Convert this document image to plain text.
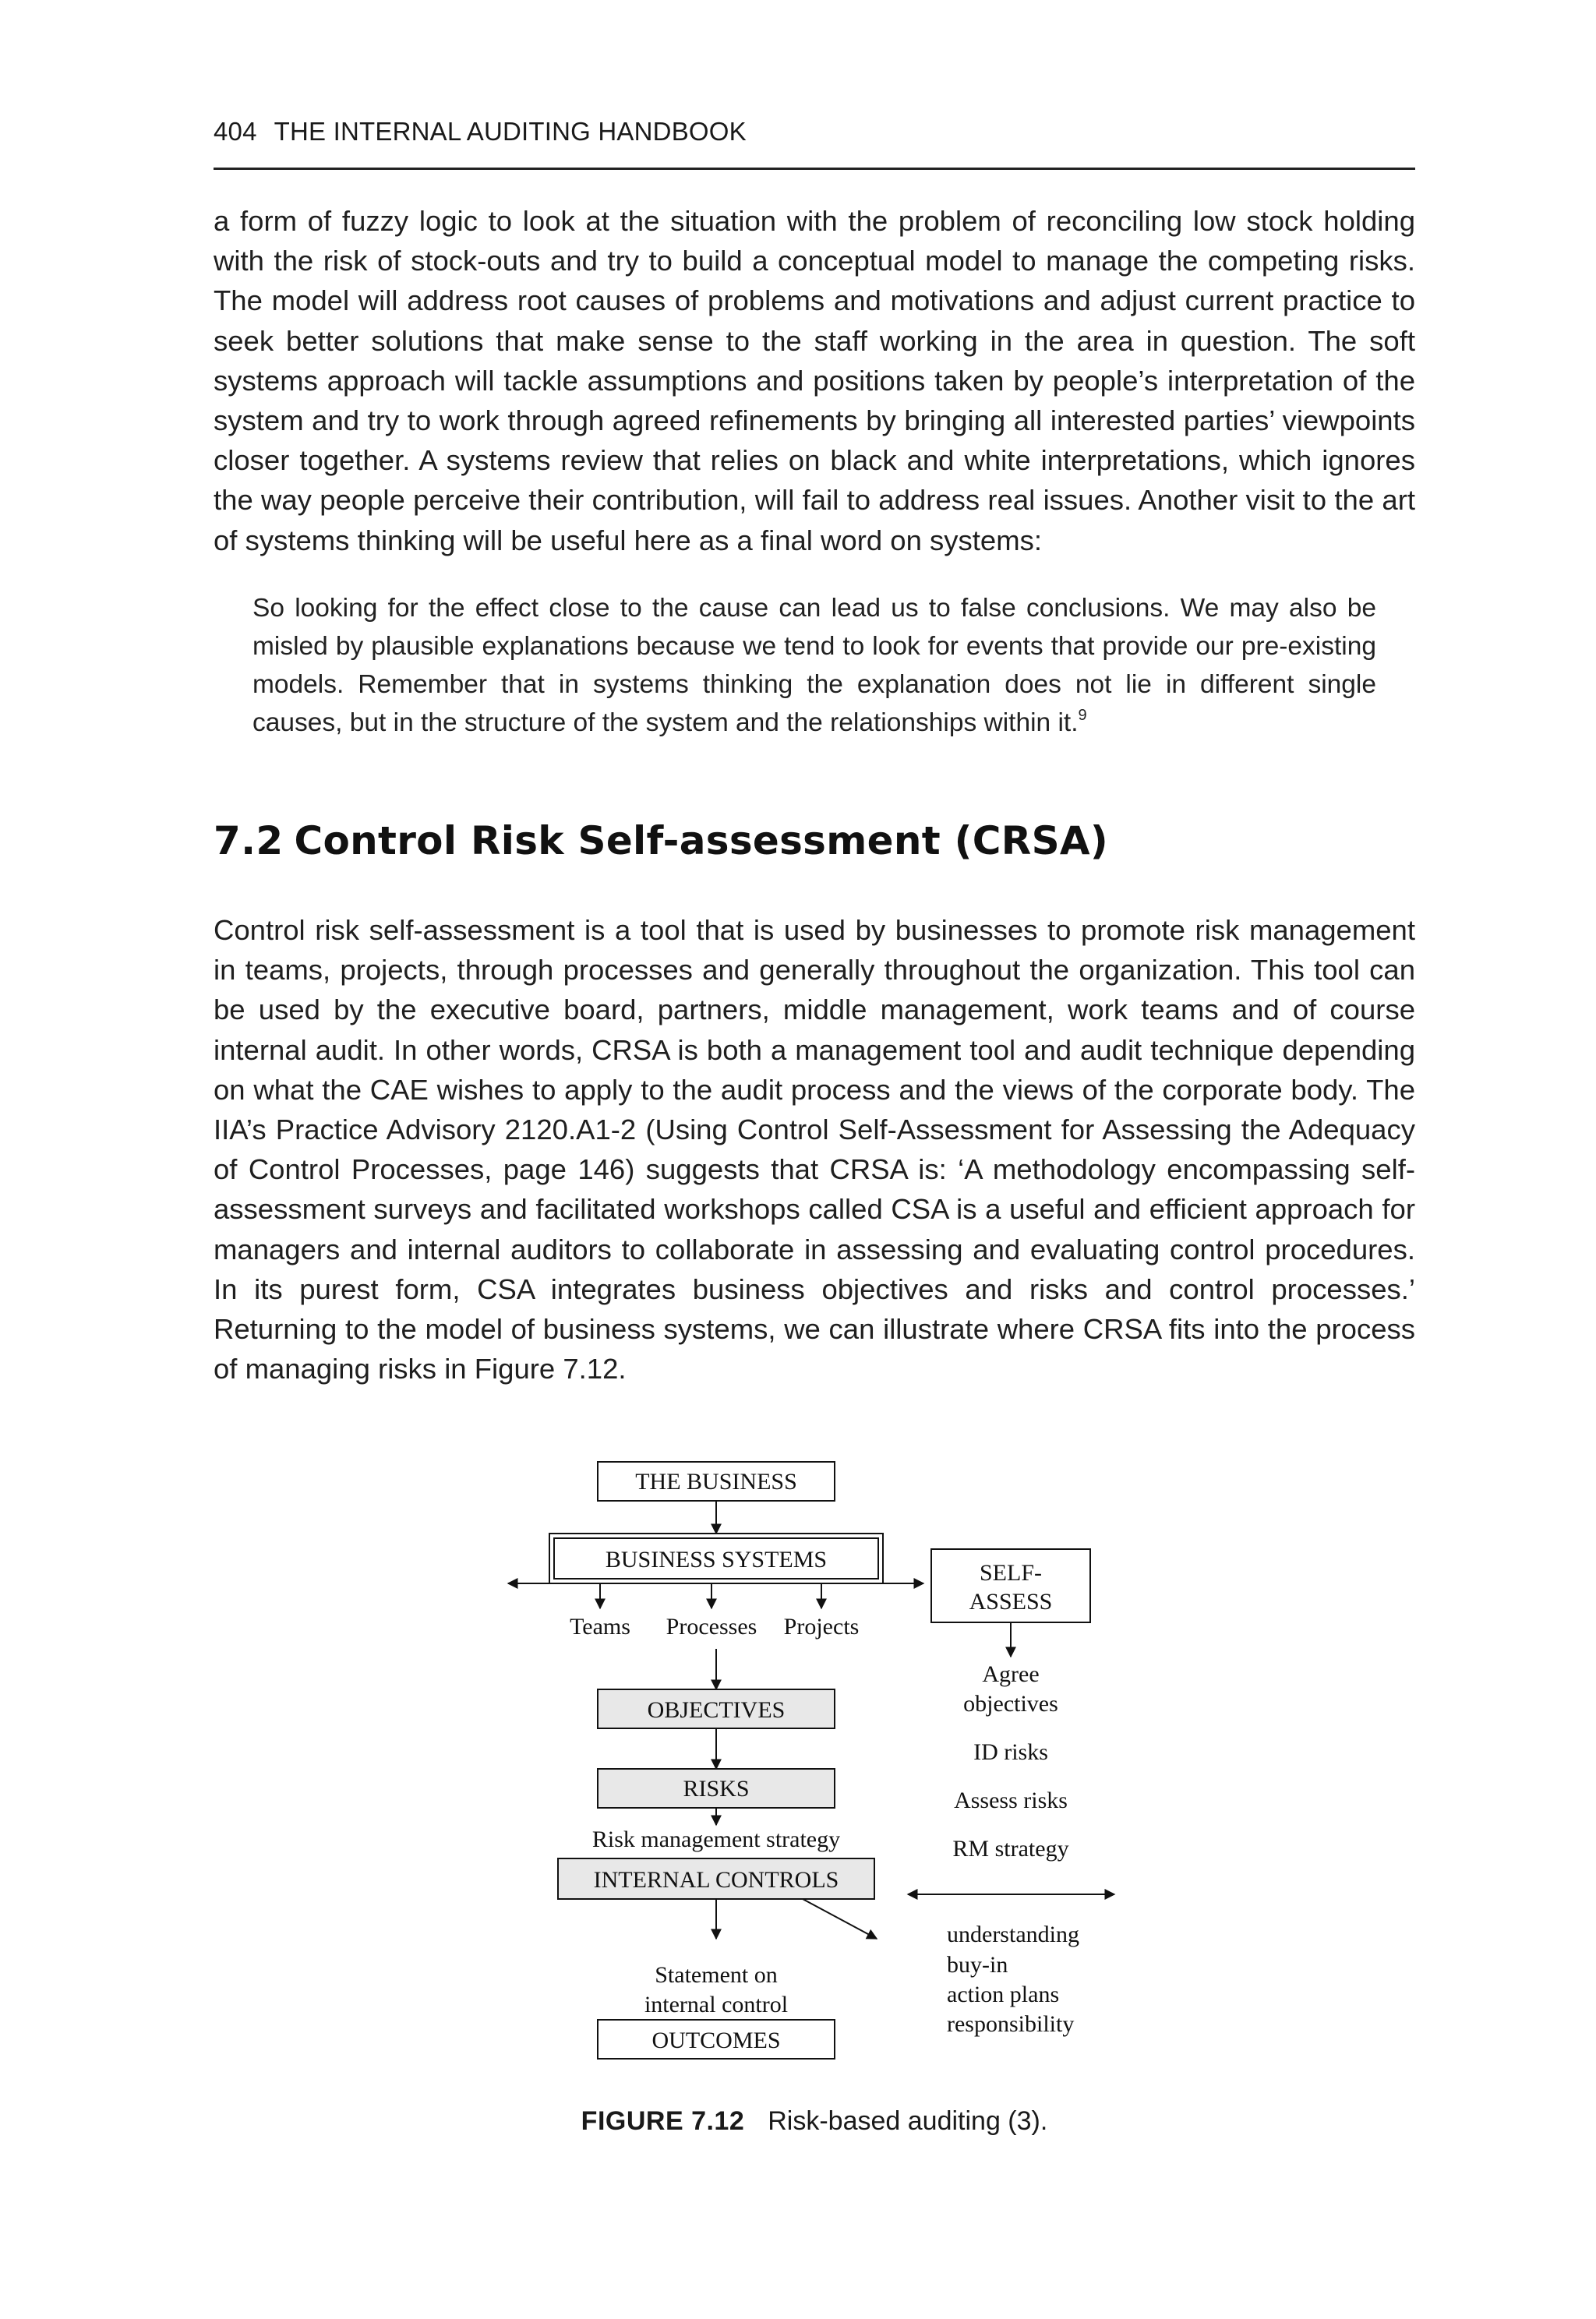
404 THE INTERNAL AUDITING HANDBOOK

a form of fuzzy logic to look at the situation with the problem of reconciling low stock holding with the risk of stock-outs and try to build a conceptual model to manage the competing risks. The model will address root causes of problems and motivations and adjust current practice to seek better solutions that make sense to the staff working in the area in question. The soft systems approach will tackle assumptions and positions taken by people’s interpretation of the system and try to work through agreed refinements by bringing all interested parties’ viewpoints closer together. A systems review that relies on black and white interpretations, which ignores the way people perceive their contribution, will fail to address real issues. Another visit to the art of systems thinking will be useful here as a final word on systems:

So looking for the effect close to the cause can lead us to false conclusions. We may also be misled by plausible explanations because we tend to look for events that provide our pre-existing models. Remember that in systems thinking the explanation does not lie in different single causes, but in the structure of the system and the relationships within it.$^9$

7.2 Control Risk Self-assessment (CRSA)

Control risk self-assessment is a tool that is used by businesses to promote risk management in teams, projects, through processes and generally throughout the organization. This tool can be used by the executive board, partners, middle management, work teams and of course internal audit. In other words, CRSA is both a management tool and audit technique depending on what the CAE wishes to apply to the audit process and the views of the corporate body. The IIA’s Practice Advisory 2120.A1-2 (Using Control Self-Assessment for Assessing the Adequacy of Control Processes, page 146) suggests that CRSA is: ‘A methodology encompassing self-assessment surveys and facilitated workshops called CSA is a useful and efficient approach for managers and internal auditors to collaborate in assessing and evaluating control procedures. In its purest form, CSA integrates business objectives and risks and control processes.’ Returning to the model of business systems, we can illustrate where CRSA fits into the process of managing risks in Figure 7.12.

THE BUSINESS
BUSINESS SYSTEMS
Teams Processes Projects
SELF-
ASSESS
Agree
objectives
OBJECTIVES
ID risks
RISKS	Assess risks
Risk management strategy	RM strategy
INTERNAL CONTROLS
understanding
buy-in
action plans
responsibility
Statement on
internal control
OUTCOMES
FIGURE 7.12 Risk-based auditing (3).
